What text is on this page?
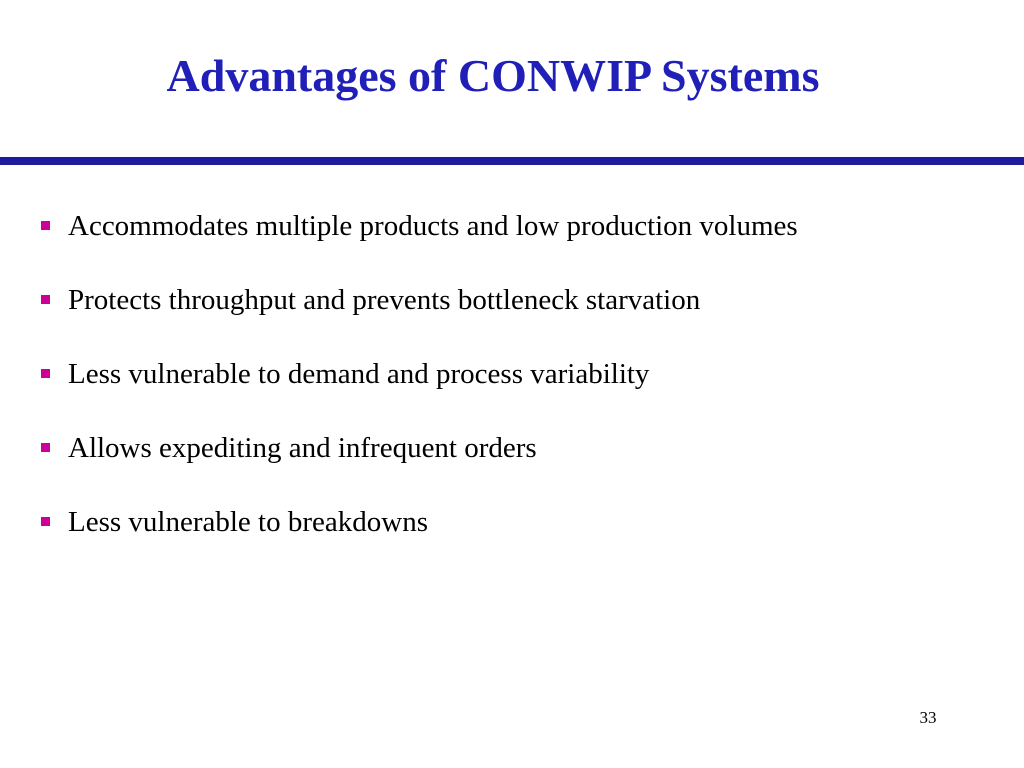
Advantages of CONWIP Systems
Accommodates multiple products and low production volumes
Protects throughput and prevents bottleneck starvation
Less vulnerable to demand and process variability
Allows expediting and infrequent orders
Less vulnerable to breakdowns
33
